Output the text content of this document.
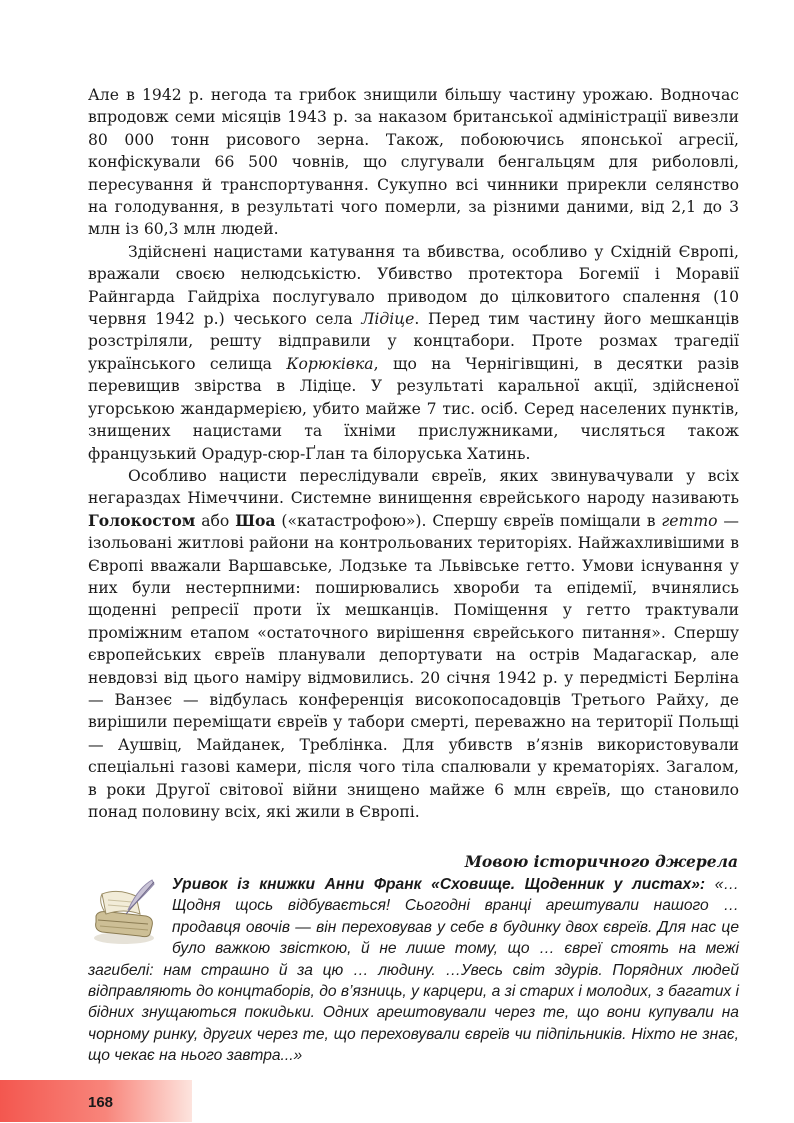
Але в 1942 р. негода та грибок знищили більшу частину урожаю. Водночас впродовж семи місяців 1943 р. за наказом британської адміністрації вивезли 80 000 тонн рисового зерна. Також, побоюючись японської агресії, конфіскували 66 500 човнів, що слугували бенгальцям для риболовлі, пересування й транспортування. Сукупно всі чинники прирекли селянство на голодування, в результаті чого померли, за різними даними, від 2,1 до 3 млн із 60,3 млн людей.

Здійснені нацистами катування та вбивства, особливо у Східній Європі, вражали своєю нелюдськістю. Убивство протектора Богемії і Моравії Райнгарда Гайдріха послугувало приводом до цілковитого спалення (10 червня 1942 р.) чеського села Лідіце. Перед тим частину його мешканців розстріляли, решту відправили у концтабори. Проте розмах трагедії українського селища Корюківка, що на Чернігівщині, в десятки разів перевищив звірства в Лідіце. У результаті каральної акції, здійсненої угорською жандармерією, убито майже 7 тис. осіб. Серед населених пунктів, знищених нацистами та їхніми прислужниками, числяться також французький Орадур-сюр-Ґлан та білоруська Хатинь.

Особливо нацисти переслідували євреїв, яких звинувачували у всіх негараздах Німеччини. Системне винищення єврейського народу називають Голокостом або Шоа («катастрофою»). Спершу євреїв поміщали в гетто — ізольовані житлові райони на контрольованих територіях. Найжахливішими в Європі вважали Варшавське, Лодзьке та Львівське гетто. Умови існування у них були нестерпними: поширювались хвороби та епідемії, вчинялись щоденні репресії проти їх мешканців. Поміщення у гетто трактували проміжним етапом «остаточного вирішення єврейського питання». Спершу європейських євреїв планували депортувати на острів Мадагаскар, але невдовзі від цього наміру відмовились. 20 січня 1942 р. у передмісті Берліна — Ванзеє — відбулась конференція високопосадовців Третього Райху, де вирішили переміщати євреїв у табори смерті, переважно на території Польщі — Аушвіц, Майданек, Треблінка. Для убивств в’язнів використовували спеціальні газові камери, після чого тіла спалювали у крематоріях. Загалом, в роки Другої світової війни знищено майже 6 млн євреїв, що становило понад половину всіх, які жили в Європі.

Мовою історичного джерела
Уривок із книжки Анни Франк «Сховище. Щоденник у листах»: «…Щодня щось відбувається! Сьогодні вранці арештували нашого … продавця овочів — він переховував у себе в будинку двох євреїв. Для нас це було важкою звісткою, й не лише тому, що … євреї стоять на межі загибелі: нам страшно й за цю … людину. …Увесь світ здурів. Порядних людей відправляють до концтаборів, до в’язниць, у карцери, а зі старих і молодих, з багатих і бідних знущаються покидьки. Одних арештовували через те, що вони купували на чорному ринку, других через те, що переховували євреїв чи підпільників. Ніхто не знає, що чекає на нього завтра...»
168
